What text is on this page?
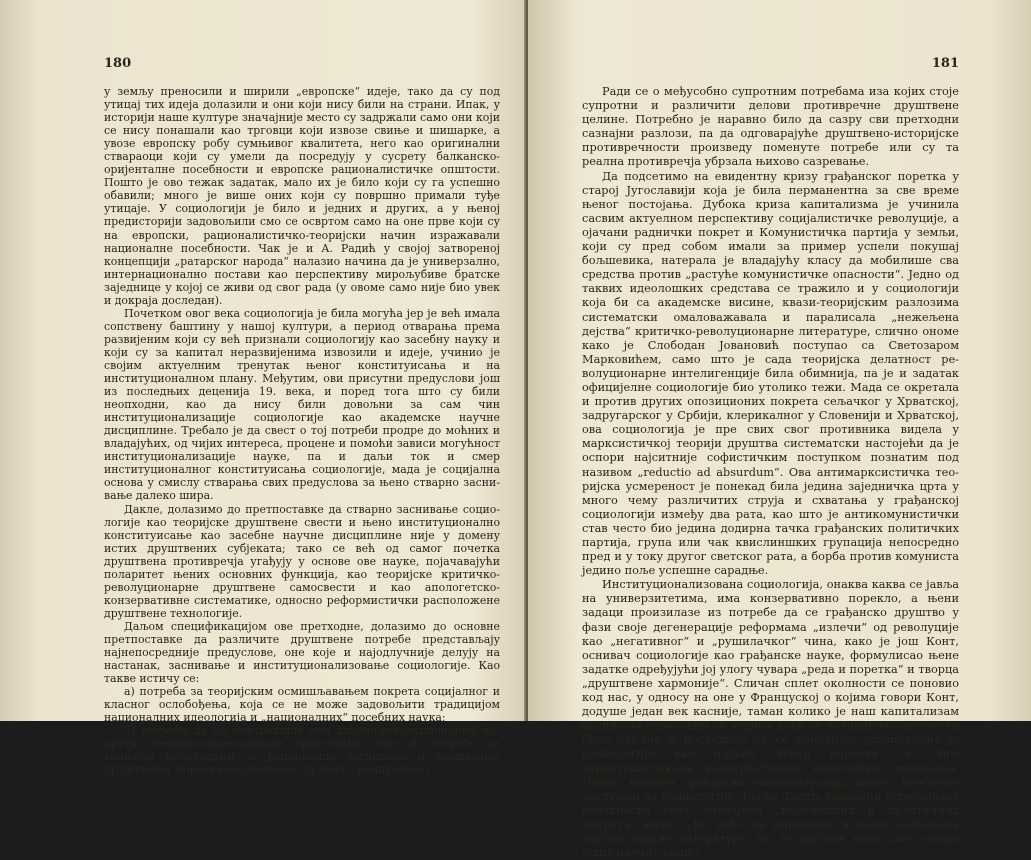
180

у земљу преносили и ширили „европске“ идеје, тако да су под утицај тих идеја долазили и они који нису били на страни. Ипак, у историји наше културе значајније место су задржали само они који се нису понашали као трговци који извозе свиње и шишарке, а увозе европску робу сумњивог квалитета, него као оригинални ствараоци који су умели да посредују у сусрету балканско-оријенталне посебности и европске рационалистичке општости. Пошто је ово тежак задатак, мало их је било који су га успешно обавили; много је више оних који су површно примали туђе утицаје. У социологији је било и једних и других, а у њеној предисторији задовољили смо се освртом само на оне прве који су на европски, рационалистичко-теоријски начин изражавали националне посебности. Чак је и А. Радић у својој затвореној концепцији „ратарског народа“ налазио начина да је универзално, интернационално постави као перспективу мирољубиве братске заједнице у којој се живи од свог рада (у овоме само није био увек и докраја доследан).

Почетком овог века социологија је била могућа јер је већ имала сопствену баштину у нашој култури, а период отварања према развијеним који су већ признали социологију као засебну науку и који су за капитал неразвијенима извозили и идеје, учинио је својим актуелним тренутак њеног конституисања и на институционалном плану. Међутим, ови присутни предуслови још из последњих деценија 19. века, и поред тога што су били неопходни, као да нису били довољни за сам чин институционализације социологије као академске научне дисциплине. Требало је да свест о тој потреби продре до моћних и владајућих, од чијих интереса, процене и помоћи зависи могућност институционализације науке, па и даљи ток и смер институционалног конституисања социологије, мада је социјална основа у смислу стварања свих предуслова за њено стварно заснивање далеко шира.

Даклe, долазимо до претпоставке да стварно заснивање социологије као теоријске друштвене свести и њено институционално конституисање као засебне научне дисциплине није у домену истих друштвених субјеката; тако се већ од самог почетка друштвена противречја угађују у основе ове науке, појачавајући поларитет њених основних функција, као теоријске критичко-револуционарне друштвене самосвести и као апологетско-конзервативне систематике, односно реформистички расположене друштвене технологије.

Даљом спецификацијом ове претходне, долазимо до основне претпоставке да различите друштвене потребе представљају најнепосредније предуслове, оне које и најодлучније делују на настанак, заснивање и институционализовање социологије. Као такве истичу се:

а) потреба за теоријским осмишљавањем покрета социјалног и класног ослобођења, која се не може задовољити традицијом националних идеологија и „националних“ посебних наука;

б) потреба да се неутралишу ови класно-револуционарни покрети теоријско-идеолошким средствима, као и потреба за знањима неопходним за рационално заснивање и одржавање друштвеног поретка (економског, правног, политичког).

181

Ради се о међусобно супротним потребама иза којих стоје супротни и различити делови противречне друштвене целине. Потребно је наравно било да сазру сви претходни сазнајни разлози, па да одговарајуће друштвено-историјске противречности произведу поменуте потребе или су та реална противречја убрзала њихово сазревање.

Да подсетимо на евидентну кризу грађанског поретка у старој Југославији која је била перманентна за све време њеног постојања. Дубока криза капитализма је учинила сасвим актуелном перспективу социјалистичке револуције, а ојачани раднички покрет и Комунистичка партија у земљи, који су пред собом имали за пример успели покушај бољшевика, натерала је владајућу класу да мобилише сва средства против „растуће комунистичке опасности“. Једно од таквих идеолошких средстава се тражило и у социологији која би са академске висине, квази-теоријским разлозима систематски омаловажавала и паралисала „нежељена дејства“ критичко-револуционарне литературе, слично ономе како је Слободан Јовановић поступао са Светозаром Марковићем, само што је сада теоријска делатност револуционарне интелигенције била обимнија, па је и задатак официјелне социологије био утолико тежи. Мада се окретала и против других опозиционих покрета сељачког у Хрватској, задругарског у Србији, клерикалног у Словенији и Хрватској, ова социологија је пре свих свог противника видела у марксистичкој теорији друштва систематски настојећи да је оспори најситније софистичким поступком познатим под називом „reductio ad absurdum“. Ова антимарксистичка теоријска усмереност је понекад била једина заједничка црта у много чему различитих струја и схватања у грађанској социологији између два рата, као што је антикомунистички став често био једина додирна тачка грађанских политичких партија, група или чак квислиншких групација непосредно пред и у току другог светског рата, а борба против комуниста једино поље успешне сарадње.

Институционализована социологија, онаква каква се јавља на универзитетима, има конзервативно порекло, а њени задаци произилазе из потребе да се грађанско друштво у фази своје дегенерације реформама „излечи“ од револуције као „негативног“ и „рушилачког“ чина, како је још Конт, оснивач социологије као грађанске науке, формулисао њене задатке одређујући јој улогу чувара „реда и поретка“ и творца „друштвене хармоније“. Сличан сплет околности се поновио код нас, у односу на оне у Француској о којима говори Конт, додуше један век касније, таман колико је наш капитализам каснио за европским. У мери у којој су историјске околности биле сличне и последице су се поновиле, установљена је социологија као најљни чувар поретка са свим карактеристикама конзервативног идеолошког мишљења. Лично поштен грађански интелектуалац, иначе необично заслужан за социологију, Борђе Тасић, говорећи о теоријској делатности ових значајних „идеолошких и практичних покрета“ каже: „Ко хоће да паралише извесна нежељена дејства овакве литературе, тај то најбоље може ако створи једну научну социо-
